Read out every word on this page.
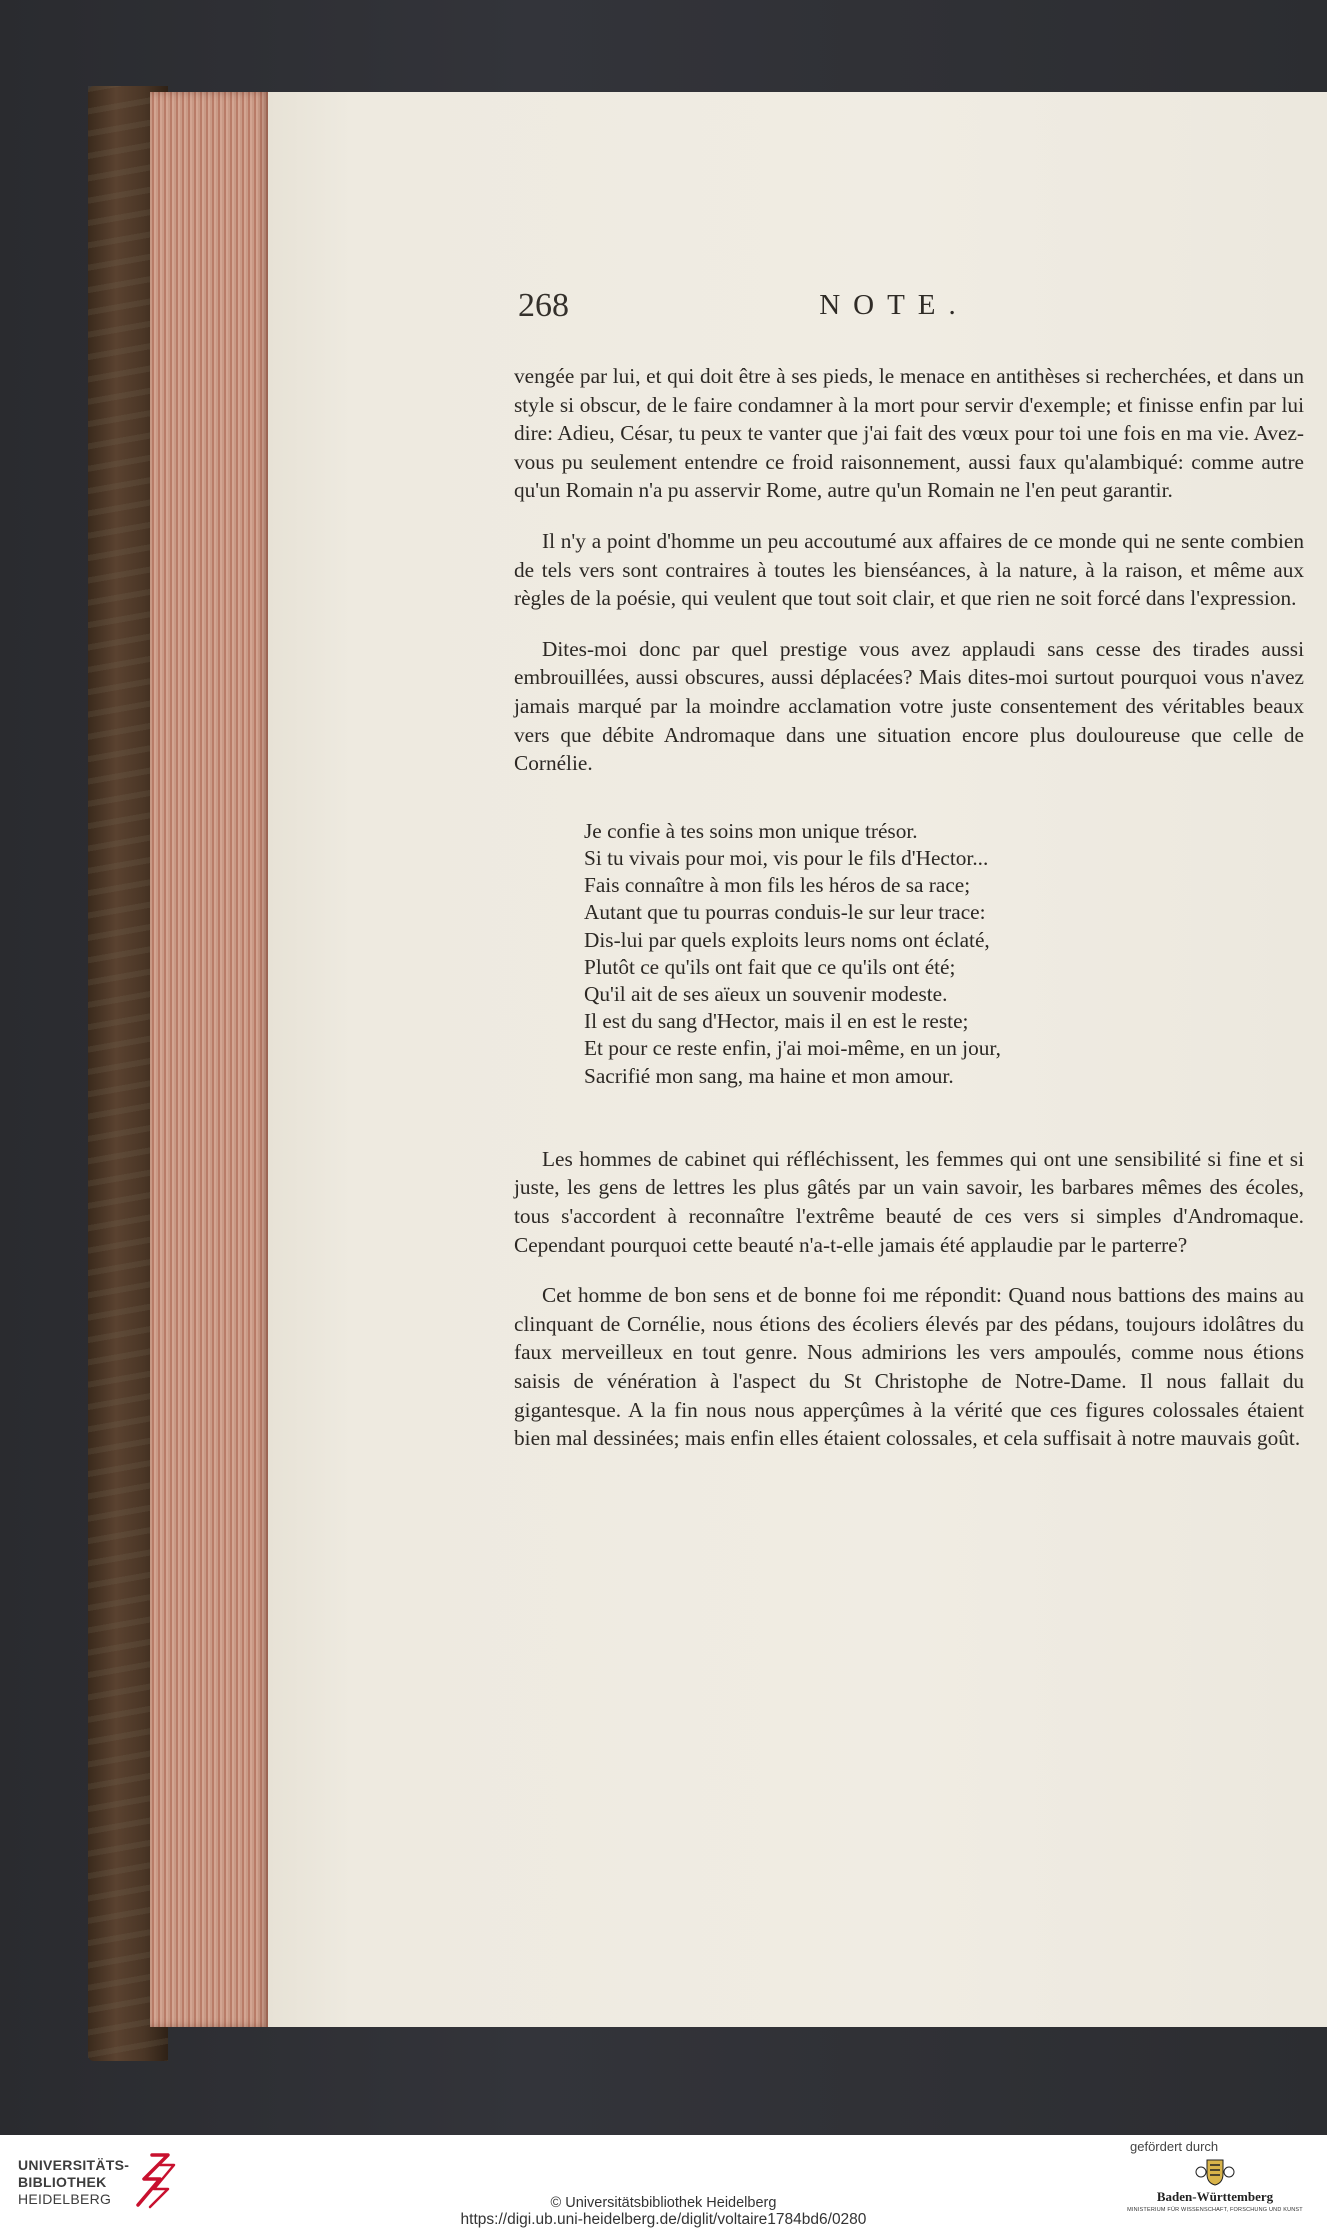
268	NOTE.

vengée par lui, et qui doit être à ses pieds, le menace en antithèses si recherchées, et dans un style si obscur, de le faire condamner à la mort pour servir d'exemple; et finisse enfin par lui dire: Adieu, César, tu peux te vanter que j'ai fait des vœux pour toi une fois en ma vie. Avez-vous pu seulement entendre ce froid raisonnement, aussi faux qu'alambiqué: comme autre qu'un Romain n'a pu asservir Rome, autre qu'un Romain ne l'en peut garantir.

Il n'y a point d'homme un peu accoutumé aux affaires de ce monde qui ne sente combien de tels vers sont contraires à toutes les bienséances, à la nature, à la raison, et même aux règles de la poésie, qui veulent que tout soit clair, et que rien ne soit forcé dans l'expression.

Dites-moi donc par quel prestige vous avez applaudi sans cesse des tirades aussi embrouillées, aussi obscures, aussi déplacées? Mais dites-moi surtout pourquoi vous n'avez jamais marqué par la moindre acclamation votre juste consentement des véritables beaux vers que débite Andromaque dans une situation encore plus douloureuse que celle de Cornélie.

Je confie à tes soins mon unique trésor.
Si tu vivais pour moi, vis pour le fils d'Hector...
Fais connaître à mon fils les héros de sa race;
Autant que tu pourras conduis-le sur leur trace:
Dis-lui par quels exploits leurs noms ont éclaté,
Plutôt ce qu'ils ont fait que ce qu'ils ont été;
Qu'il ait de ses aïeux un souvenir modeste.
Il est du sang d'Hector, mais il en est le reste;
Et pour ce reste enfin, j'ai moi-même, en un jour,
Sacrifié mon sang, ma haine et mon amour.

Les hommes de cabinet qui réfléchissent, les femmes qui ont une sensibilité si fine et si juste, les gens de lettres les plus gâtés par un vain savoir, les barbares mêmes des écoles, tous s'accordent à reconnaître l'extrême beauté de ces vers si simples d'Andromaque. Cependant pourquoi cette beauté n'a-t-elle jamais été applaudie par le parterre?

Cet homme de bon sens et de bonne foi me répondit: Quand nous battions des mains au clinquant de Cornélie, nous étions des écoliers élevés par des pédans, toujours idolâtres du faux merveilleux en tout genre. Nous admirions les vers ampoulés, comme nous étions saisis de vénération à l'aspect du St Christophe de Notre-Dame. Il nous fallait du gigantesque. A la fin nous nous apperçûmes à la vérité que ces figures colossales étaient bien mal dessinées; mais enfin elles étaient colossales, et cela suffisait à notre mauvais goût.

UNIVERSITÄTS-
BIBLIOTHEK
HEIDELBERG	© Universitätsbibliothek Heidelberg
https://digi.ub.uni-heidelberg.de/diglit/voltaire1784bd6/0280
gefördert durch
Baden-Württemberg
MINISTERIUM FÜR WISSENSCHAFT, FORSCHUNG UND KUNST
